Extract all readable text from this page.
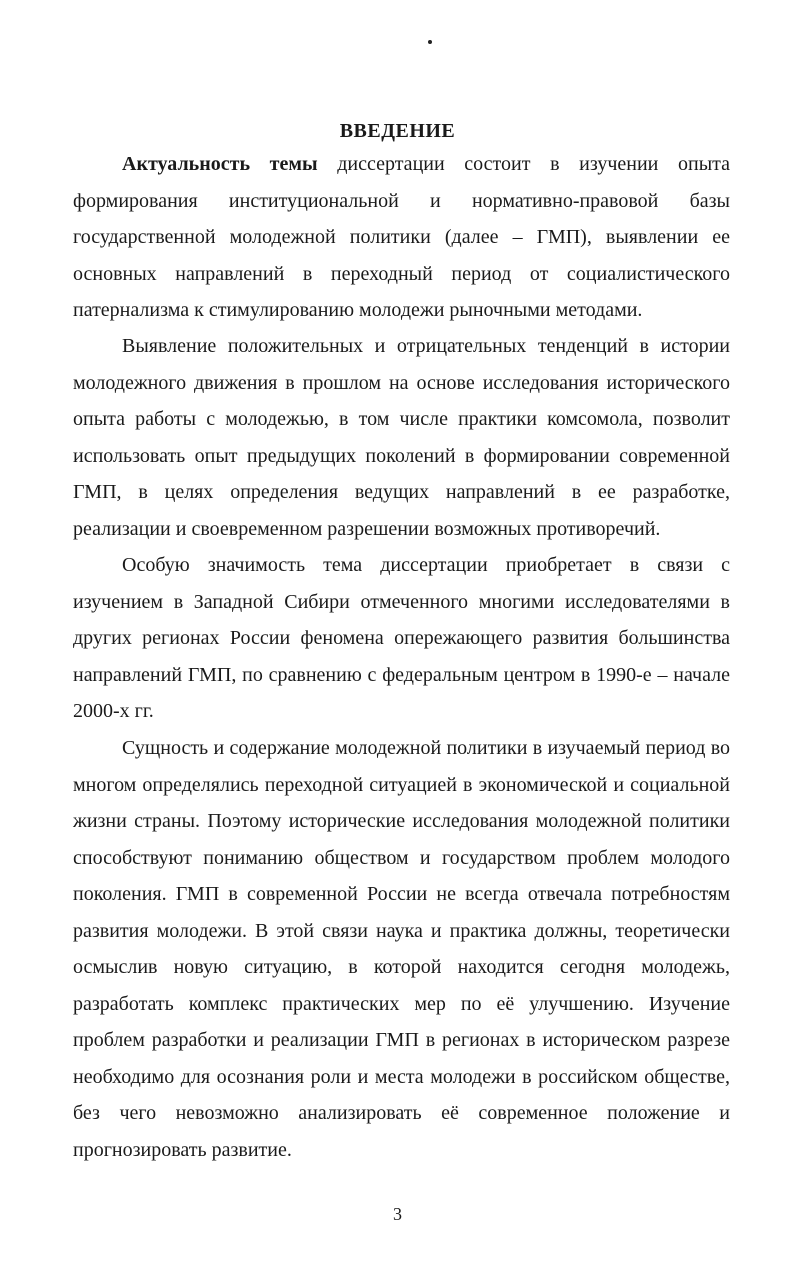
ВВЕДЕНИЕ

Актуальность темы диссертации состоит в изучении опыта формирования институциональной и нормативно-правовой базы государственной молодежной политики (далее – ГМП), выявлении ее основных направлений в переходный период от социалистического патернализма к стимулированию молодежи рыночными методами.

Выявление положительных и отрицательных тенденций в истории молодежного движения в прошлом на основе исследования исторического опыта работы с молодежью, в том числе практики комсомола, позволит использовать опыт предыдущих поколений в формировании современной ГМП, в целях определения ведущих направлений в ее разработке, реализации и своевременном разрешении возможных противоречий.

Особую значимость тема диссертации приобретает в связи с изучением в Западной Сибири отмеченного многими исследователями в других регионах России феномена опережающего развития большинства направлений ГМП, по сравнению с федеральным центром в 1990-е – начале 2000-х гг.

Сущность и содержание молодежной политики в изучаемый период во многом определялись переходной ситуацией в экономической и социальной жизни страны. Поэтому исторические исследования молодежной политики способствуют пониманию обществом и государством проблем молодого поколения. ГМП в современной России не всегда отвечала потребностям развития молодежи. В этой связи наука и практика должны, теоретически осмыслив новую ситуацию, в которой находится сегодня молодежь, разработать комплекс практических мер по её улучшению. Изучение проблем разработки и реализации ГМП в регионах в историческом разрезе необходимо для осознания роли и места молодежи в российском обществе, без чего невозможно анализировать её современное положение и прогнозировать развитие.

3
